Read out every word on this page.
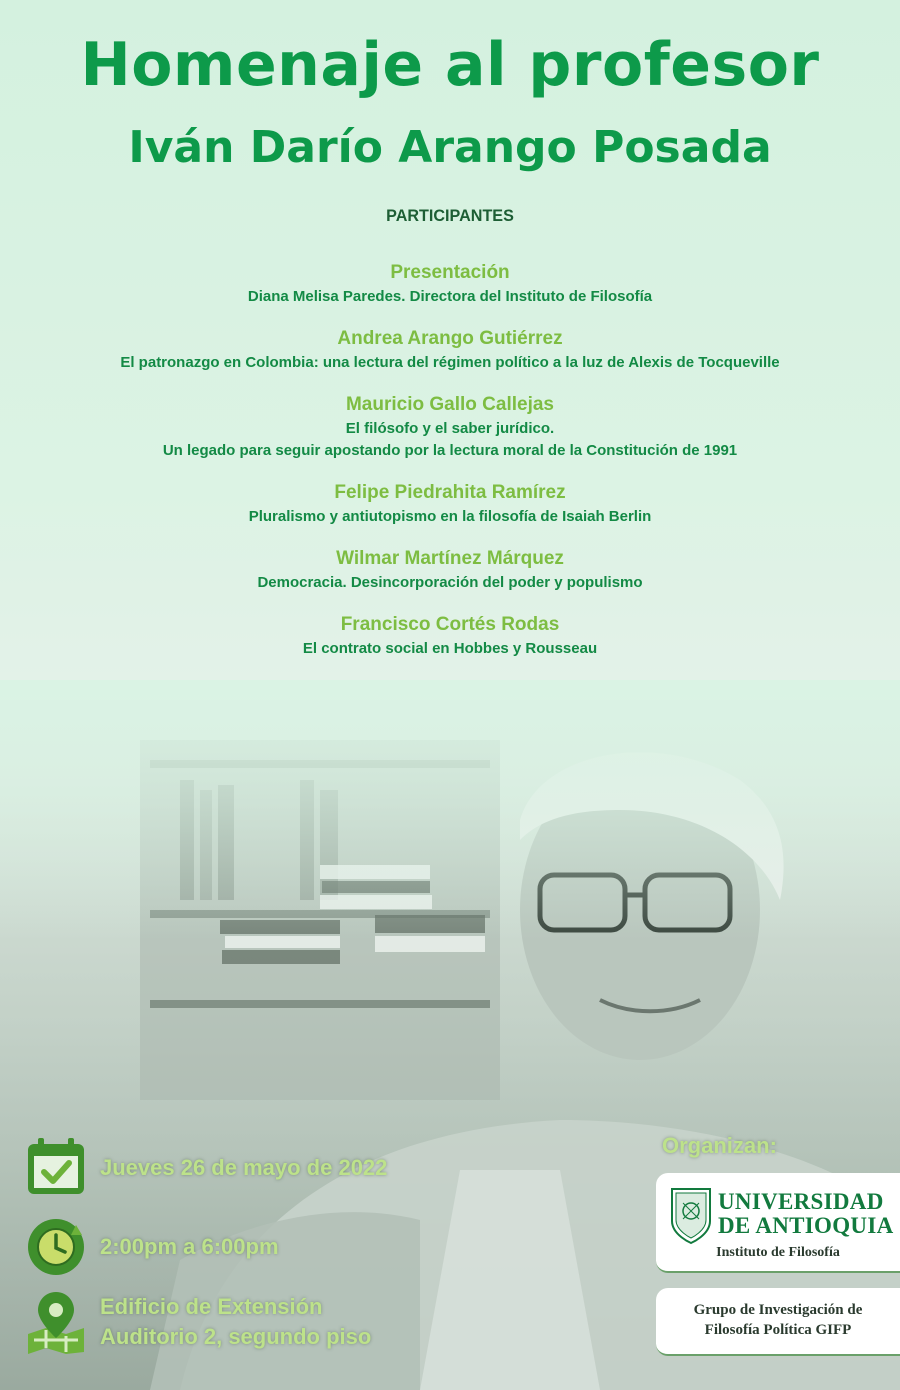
Homenaje al profesor
Iván Darío Arango Posada
PARTICIPANTES
Presentación
Diana Melisa Paredes. Directora del Instituto de Filosofía
Andrea Arango Gutiérrez
El patronazgo en Colombia: una lectura del régimen político a la luz de Alexis de Tocqueville
Mauricio Gallo Callejas
El filósofo y el saber jurídico.
Un legado para seguir apostando por la lectura moral de la Constitución de 1991
Felipe Piedrahita Ramírez
Pluralismo y antiutopismo en la filosofía de Isaiah Berlin
Wilmar Martínez Márquez
Democracia. Desincorporación del poder y populismo
Francisco Cortés Rodas
El contrato social en Hobbes y Rousseau
Jueves 26 de mayo de 2022
2:00pm a 6:00pm
Edificio de Extensión
Auditorio 2, segundo piso
Organizan:
UNIVERSIDAD
DE ANTIOQUIA
Instituto de Filosofía
Grupo de Investigación de
Filosofía Política GIFP
